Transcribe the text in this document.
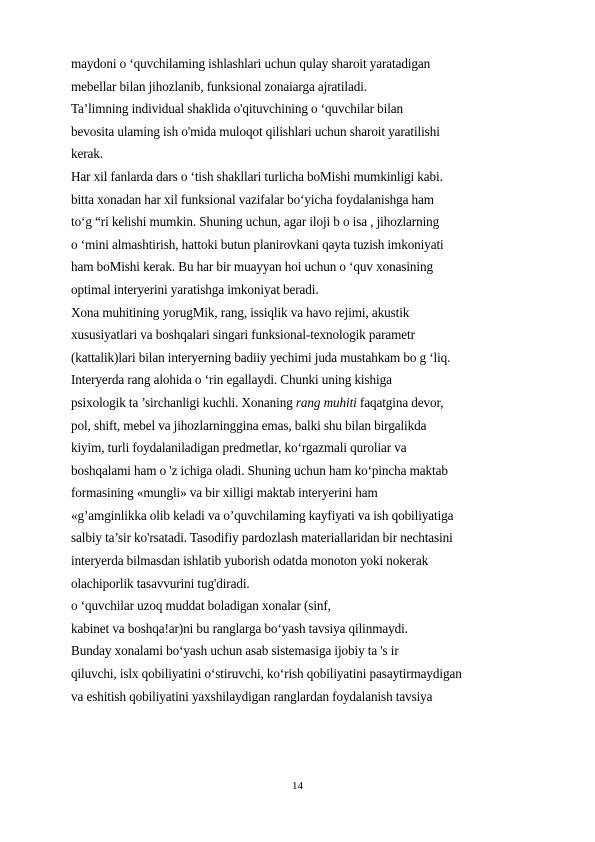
maydoni o ‘quvchilaming ishlashlari uchun qulay sharoit yaratadigan
mebellar bilan jihozlanib, funksional zonaiarga ajratiladi.
Ta’limning individual shaklida o'qituvchining o ‘quvchilar bilan
bevosita ulaming ish o'mida muloqot qilishlari uchun sharoit yaratilishi
kerak.
Har xil fanlarda dars o ‘tish shakllari turlicha boMishi mumkinligi kabi.
bitta xonadan har xil funksional vazifalar bo‘yicha foydalanishga ham
to‘g “ri kelishi mumkin. Shuning uchun, agar iloji b o isa , jihozlarning
o ‘mini almashtirish, hattoki butun planirovkani qayta tuzish imkoniyati
ham boMishi kerak. Bu har bir muayyan hoi uchun o ‘quv xonasining
optimal interyerini yaratishga imkoniyat beradi.
Xona muhitining yorugMik, rang, issiqlik va havo rejimi, akustik
xususiyatlari va boshqalari singari funksional-texnologik parametr
(kattalik)lari bilan interyerning badiiy yechimi juda mustahkam bo g ‘liq.
Interyerda rang alohida o ‘rin egallaydi. Chunki uning kishiga
psixologik ta ’sirchanligi kuchli. Xonaning rang muhiti faqatgina devor,
pol, shift, mebel va jihozlarninggina emas, balki shu bilan birgalikda
kiyim, turli foydalaniladigan predmetlar, ko‘rgazmali quroliar va
boshqalami ham o 'z ichiga oladi. Shuning uchun ham ko‘pincha maktab
formasining «mungli» va bir xilligi maktab interyerini ham
«g’amginlikka olib keladi va o’quvchilaming kayfiyati va ish qobiliyatiga
salbiy ta’sir ko'rsatadi. Tasodifiy pardozlash materiallaridan bir nechtasini
interyerda bilmasdan ishlatib yuborish odatda monoton yoki nokerak
olachiporlik tasavvurini tug'diradi.
o ‘quvchilar uzoq muddat boladigan xonalar (sinf,
kabinet va boshqa!ar)ni bu ranglarga bo‘yash tavsiya qilinmaydi.
Bunday xonalami bo‘yash uchun asab sistemasiga ijobiy ta 's ir
qiluvchi, islx qobiliyatini o‘stiruvchi, ko‘rish qobiliyatini pasaytirmaydigan
va eshitish qobiliyatini yaxshilaydigan ranglardan foydalanish tavsiya
14
